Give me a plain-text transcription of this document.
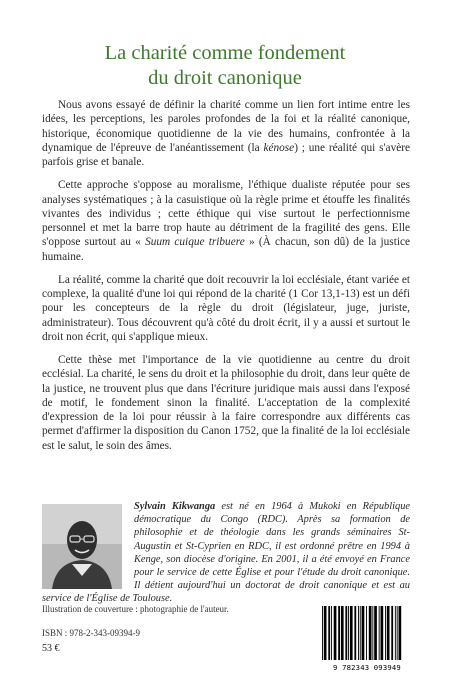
La charité comme fondement
du droit canonique

Nous avons essayé de définir la charité comme un lien fort intime entre les idées, les perceptions, les paroles profondes de la foi et la réalité canonique, historique, économique quotidienne de la vie des humains, confrontée à la dynamique de l'épreuve de l'anéantissement (la kénose) ; une réalité qui s'avère parfois grise et banale.

Cette approche s'oppose au moralisme, l'éthique dualiste réputée pour ses analyses systématiques ; à la casuistique où la règle prime et étouffe les finalités vivantes des individus ; cette éthique qui vise surtout le perfectionnisme personnel et met la barre trop haute au détriment de la fragilité des gens. Elle s'oppose surtout au « Suum cuique tribuere » (À chacun, son dû) de la justice humaine.

La réalité, comme la charité que doit recouvrir la loi ecclésiale, étant variée et complexe, la qualité d'une loi qui répond de la charité (1 Cor 13,1-13) est un défi pour les concepteurs de la règle du droit (législateur, juge, juriste, administrateur). Tous découvrent qu'à côté du droit écrit, il y a aussi et surtout le droit non écrit, qui s'applique mieux.

Cette thèse met l'importance de la vie quotidienne au centre du droit ecclésial. La charité, le sens du droit et la philosophie du droit, dans leur quête de la justice, ne trouvent plus que dans l'écriture juridique mais aussi dans l'exposé de motif, le fondement sinon la finalité. L'acceptation de la complexité d'expression de la loi pour réussir à la faire correspondre aux différents cas permet d'affirmer la disposition du Canon 1752, que la finalité de la loi ecclésiale est le salut, le soin des âmes.

Sylvain Kikwanga est né en 1964 à Mukoki en République démocratique du Congo (RDC). Après sa formation de philosophie et de théologie dans les grands séminaires St-Augustin et St-Cyprien en RDC, il est ordonné prêtre en 1994 à Kenge, son diocèse d'origine. En 2001, il a été envoyé en France pour le service de cette Église et pour l'étude du droit canonique. Il détient aujourd'hui un doctorat de droit canonique et est au service de l'Église de Toulouse.

Illustration de couverture : photographie de l'auteur.
ISBN : 978-2-343-09394-9
53 €
9 782343 093949
